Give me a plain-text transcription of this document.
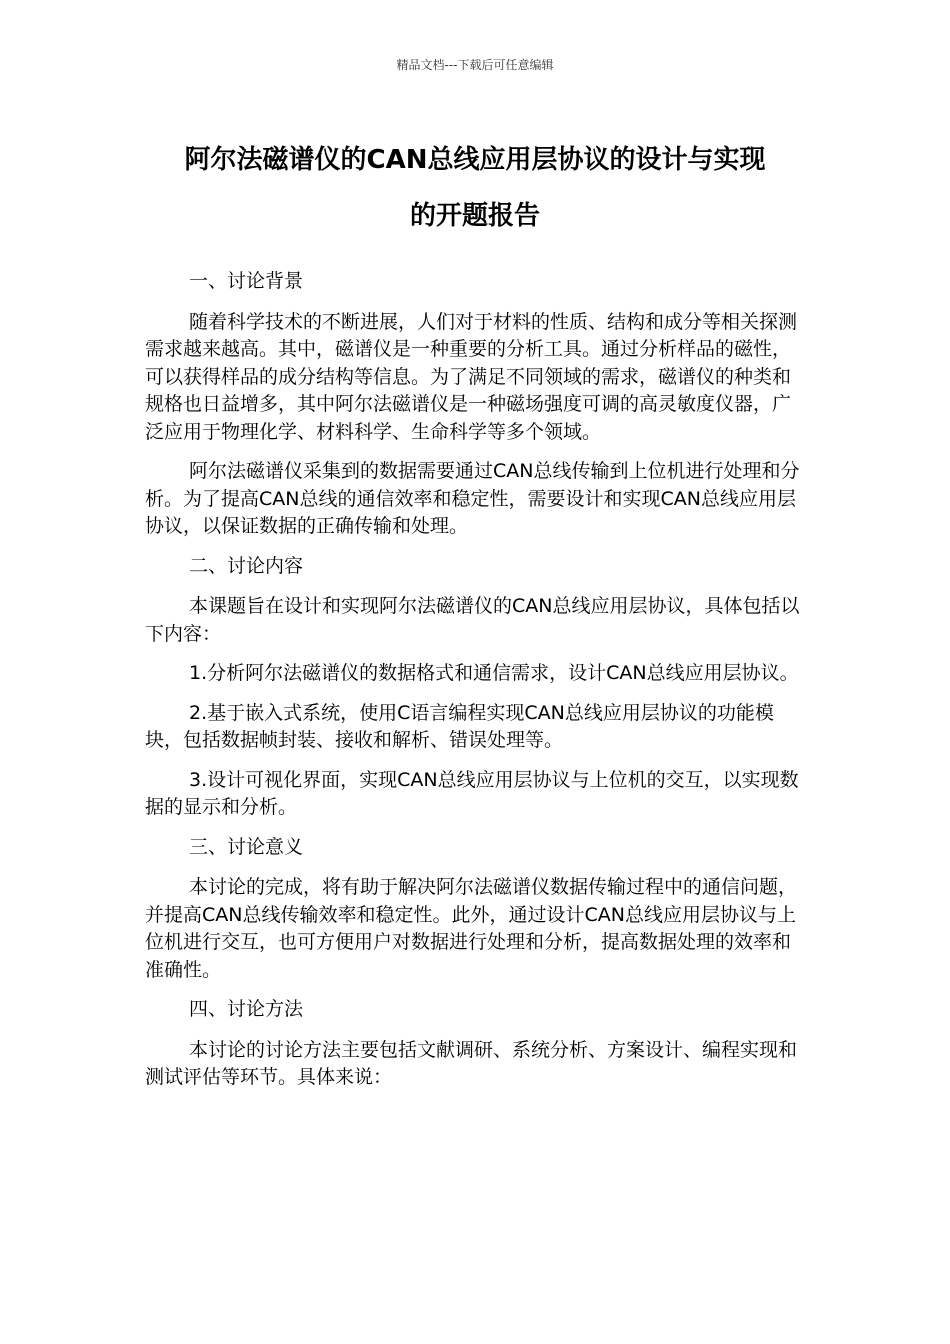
精品文档---下载后可任意编辑
阿尔法磁谱仪的CAN总线应用层协议的设计与实现
的开题报告

一、讨论背景

随着科学技术的不断进展，人们对于材料的性质、结构和成分等相关探测需求越来越高。其中，磁谱仪是一种重要的分析工具。通过分析样品的磁性，可以获得样品的成分结构等信息。为了满足不同领域的需求，磁谱仪的种类和规格也日益增多，其中阿尔法磁谱仪是一种磁场强度可调的高灵敏度仪器，广泛应用于物理化学、材料科学、生命科学等多个领域。

阿尔法磁谱仪采集到的数据需要通过CAN总线传输到上位机进行处理和分析。为了提高CAN总线的通信效率和稳定性，需要设计和实现CAN总线应用层协议，以保证数据的正确传输和处理。

二、讨论内容

本课题旨在设计和实现阿尔法磁谱仪的CAN总线应用层协议，具体包括以下内容：

1.分析阿尔法磁谱仪的数据格式和通信需求，设计CAN总线应用层协议。

2.基于嵌入式系统，使用C语言编程实现CAN总线应用层协议的功能模块，包括数据帧封装、接收和解析、错误处理等。

3.设计可视化界面，实现CAN总线应用层协议与上位机的交互，以实现数据的显示和分析。

三、讨论意义

本讨论的完成，将有助于解决阿尔法磁谱仪数据传输过程中的通信问题，并提高CAN总线传输效率和稳定性。此外，通过设计CAN总线应用层协议与上位机进行交互，也可方便用户对数据进行处理和分析，提高数据处理的效率和准确性。

四、讨论方法

本讨论的讨论方法主要包括文献调研、系统分析、方案设计、编程实现和测试评估等环节。具体来说：
